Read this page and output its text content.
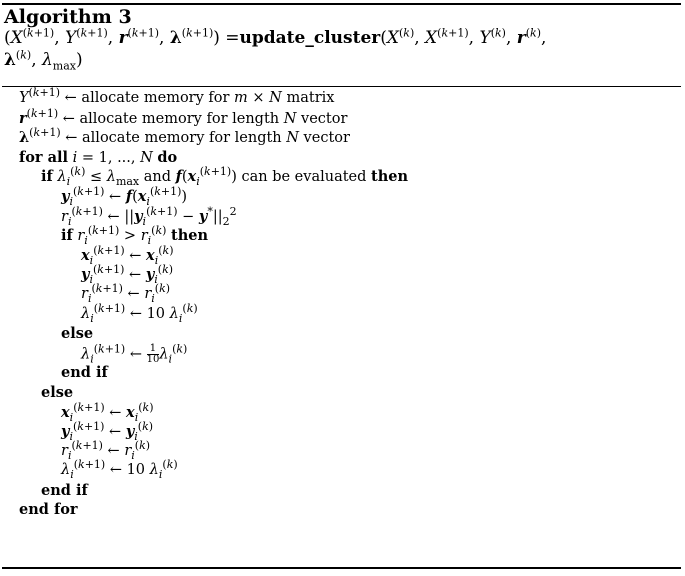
Algorithm 3
($X^{(k+1)}$, $Y^{(k+1)}$, $r^{(k+1)}$, $\lambda^{(k+1)}$) $=update\_cluster(X^{(k)}$, $X^{(k+1)}$, $Y^{(k)}$, $r^{(k)}$,
$\lambda^{(k)}$, $\lambda_{max}$)
$Y^{(k+1)}$ ← allocate memory for m × N matrix
$r^{(k+1)}$ ← allocate memory for length N vector
$\lambda^{(k+1)}$ ← allocate memory for length N vector
for all i = 1, ..., N do
if $\lambda_i^{(k)} \le \lambda_{max}$ and $f(x_i^{(k+1)})$ can be evaluated then
$y_i^{(k+1)}$ ← $f(x_i^{(k+1)})$
$r_i^{(k+1)}$ ← $||y_i^{(k+1)} - y^*||_2^2$
if $r_i^{(k+1)} > r_i^{(k)}$ then
$x_i^{(k+1)}$ ← $x_i^{(k)}$
$y_i^{(k+1)}$ ← $y_i^{(k)}$
$r_i^{(k+1)}$ ← $r_i^{(k)}$
$\lambda_i^{(k+1)}$ ← 10 $\lambda_i^{(k)}$
else
$\lambda_i^{(k+1)}$ ← $\frac{1}{10} \lambda_i^{(k)}$
end if
else
$x_i^{(k+1)}$ ← $x_i^{(k)}$
$y_i^{(k+1)}$ ← $y_i^{(k)}$
$r_i^{(k+1)}$ ← $r_i^{(k)}$
$\lambda_i^{(k+1)}$ ← 10 $\lambda_i^{(k)}$
end if
end for
